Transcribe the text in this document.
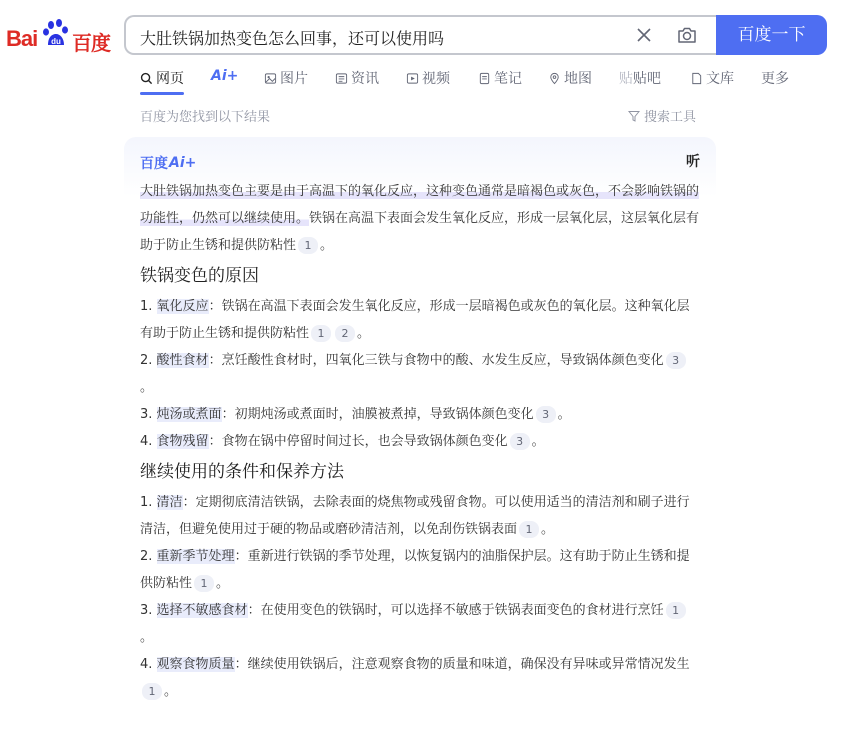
Bai du 百度 大肚铁锅加热变色怎么回事，还可以使用吗	百度一下
网页 Ai+	图片	资讯	视频	笔记	地图 贴 贴吧	文库 更多
百度为您找到以下结果	搜索工具
百度 Ai+	听

大肚铁锅加热变色主要是由于高温下的氧化反应，这种变色通常是暗褐色或灰色，不会影响铁锅的功能性，仍然可以继续使用。铁锅在高温下表面会发生氧化反应，形成一层氧化层，这层氧化层有助于防止生锈和提供防粘性 1 。

铁锅变色的原因

1. 氧化反应：铁锅在高温下表面会发生氧化反应，形成一层暗褐色或灰色的氧化层。这种氧化层有助于防止生锈和提供防粘性 1 2 。

2. 酸性食材：烹饪酸性食材时，四氧化三铁与食物中的酸、水发生反应，导致锅体颜色变化 3。

3. 炖汤或煮面：初期炖汤或煮面时，油膜被煮掉，导致锅体颜色变化 3 。

4. 食物残留：食物在锅中停留时间过长，也会导致锅体颜色变化 3 。

继续使用的条件和保养方法

1. 清洁：定期彻底清洁铁锅，去除表面的烧焦物或残留食物。可以使用适当的清洁剂和刷子进行清洁，但避免使用过于硬的物品或磨砂清洁剂，以免刮伤铁锅表面 1 。

2. 重新季节处理：重新进行铁锅的季节处理，以恢复锅内的油脂保护层。这有助于防止生锈和提供防粘性 1 。

3. 选择不敏感食材：在使用变色的铁锅时，可以选择不敏感于铁锅表面变色的食材进行烹饪 1。

4. 观察食物质量：继续使用铁锅后，注意观察食物的质量和味道，确保没有异味或异常情况发生1 。
